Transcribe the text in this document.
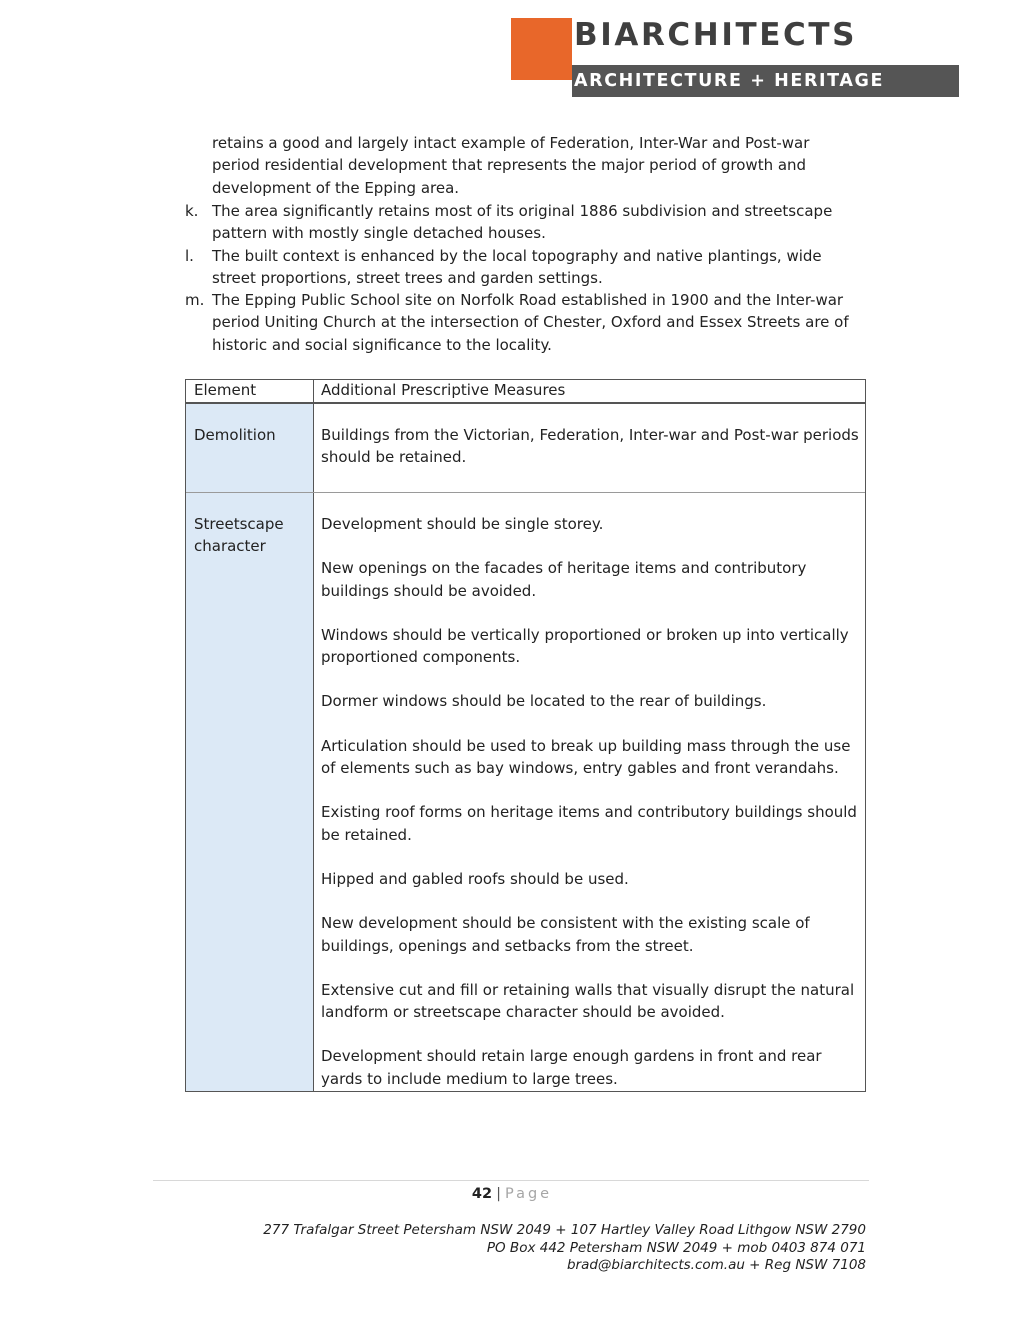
BIARCHITECTS
ARCHITECTURE + HERITAGE
retains a good and largely intact example of Federation, Inter-War and Post-war period residential development that represents the major period of growth and development of the Epping area.
k. The area significantly retains most of its original 1886 subdivision and streetscape pattern with mostly single detached houses.
l. The built context is enhanced by the local topography and native plantings, wide street proportions, street trees and garden settings.
m. The Epping Public School site on Norfolk Road established in 1900 and the Inter-war period Uniting Church at the intersection of Chester, Oxford and Essex Streets are of historic and social significance to the locality.
Element	Additional Prescriptive Measures
Demolition	Buildings from the Victorian, Federation, Inter-war and Post-war periods should be retained.
Streetscape character
Development should be single storey.
New openings on the facades of heritage items and contributory buildings should be avoided.
Windows should be vertically proportioned or broken up into vertically proportioned components.
Dormer windows should be located to the rear of buildings.
Articulation should be used to break up building mass through the use of elements such as bay windows, entry gables and front verandahs.
Existing roof forms on heritage items and contributory buildings should be retained.
Hipped and gabled roofs should be used.
New development should be consistent with the existing scale of buildings, openings and setbacks from the street.
Extensive cut and fill or retaining walls that visually disrupt the natural landform or streetscape character should be avoided.
Development should retain large enough gardens in front and rear yards to include medium to large trees.
42 | Page
277 Trafalgar Street Petersham NSW 2049 + 107 Hartley Valley Road Lithgow NSW 2790
PO Box 442 Petersham NSW 2049 + mob 0403 874 071
brad@biarchitects.com.au + Reg NSW 7108
